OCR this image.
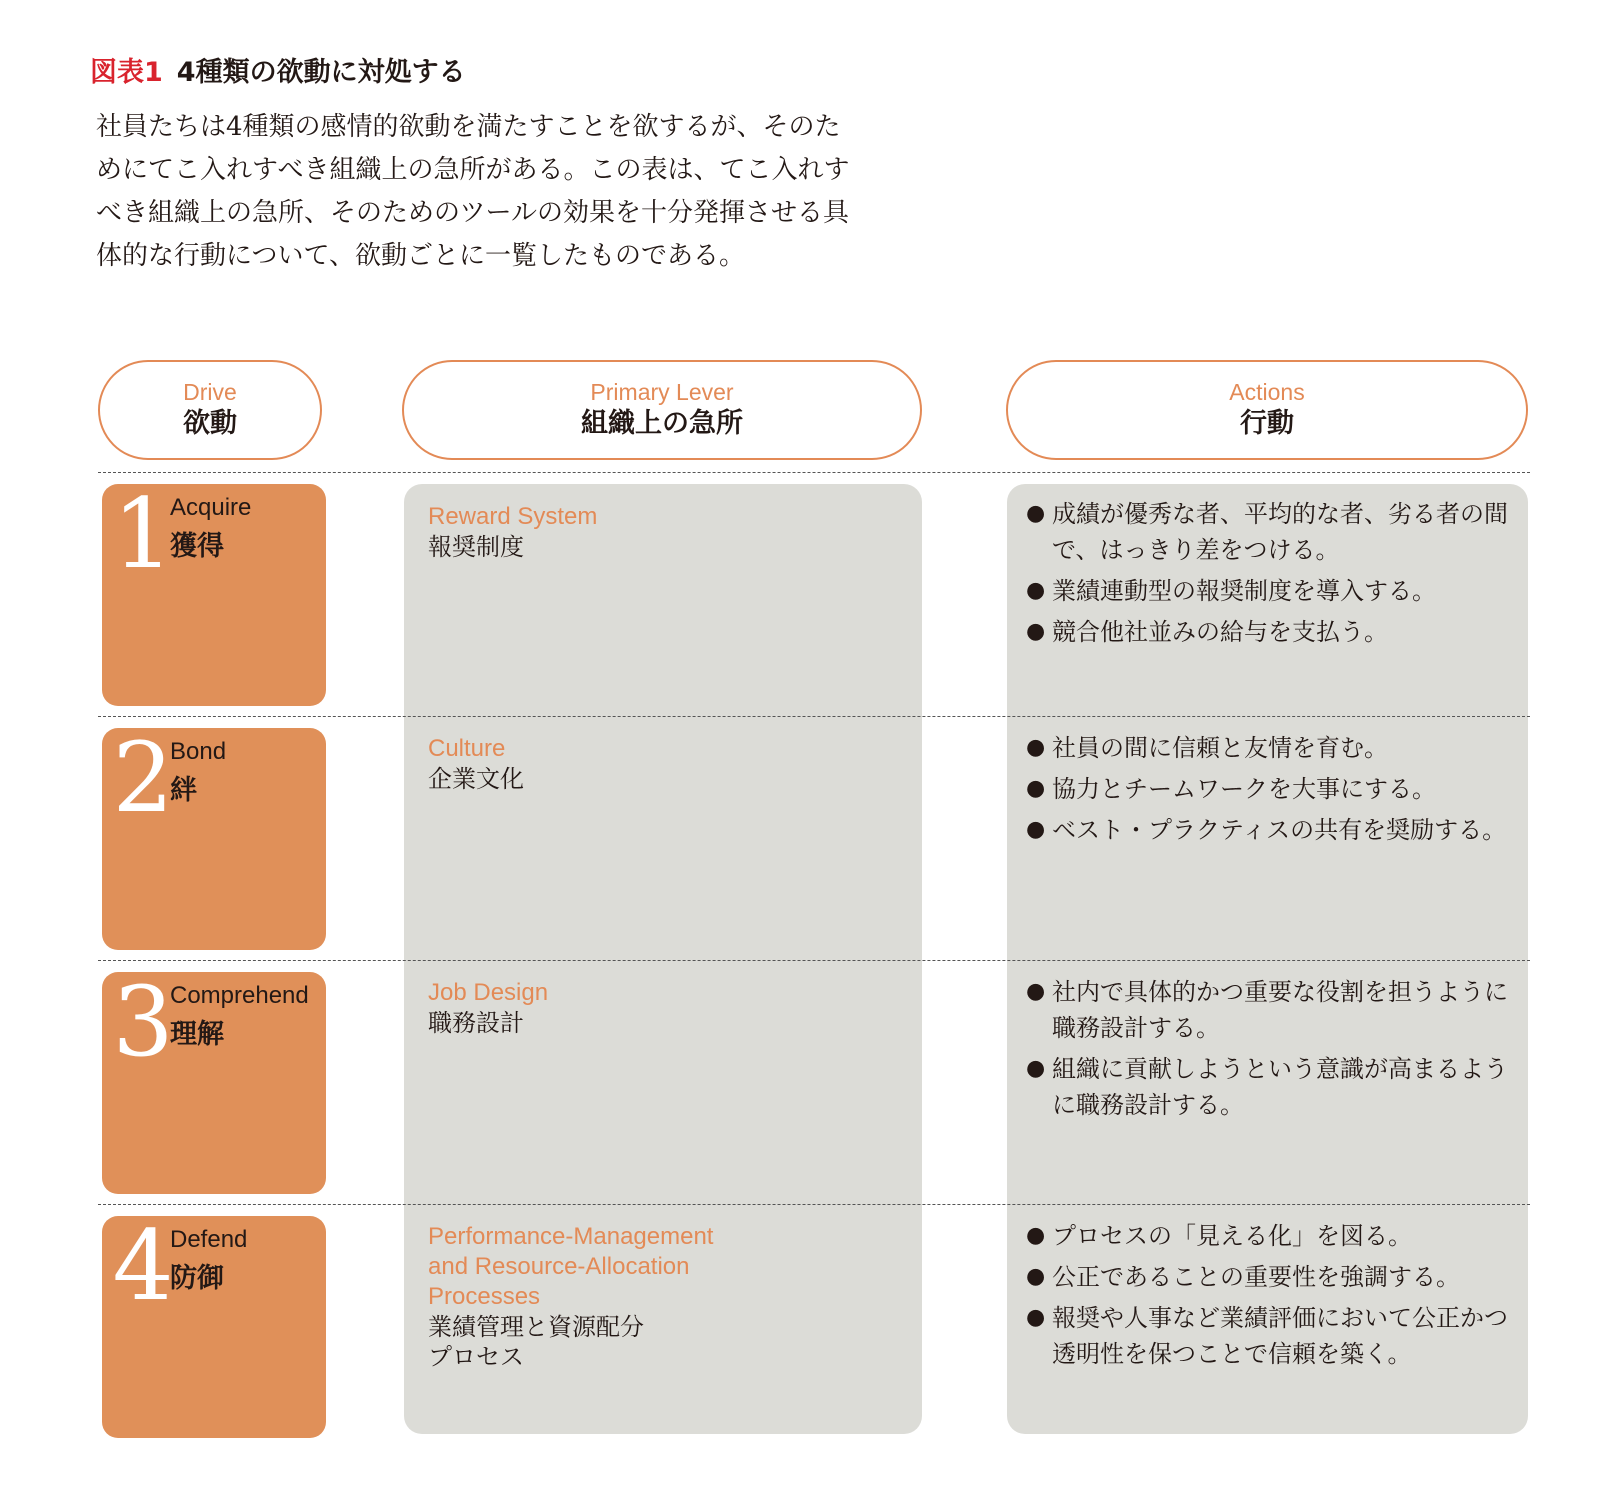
図表1 4種類の欲動に対処する

社員たちは4種類の感情的欲動を満たすことを欲するが、そのためにてこ入れすべき組織上の急所がある。この表は、てこ入れすべき組織上の急所、そのためのツールの効果を十分発揮させる具体的な行動について、欲動ごとに一覧したものである。

Drive
欲動
Primary Lever
組織上の急所
Actions
行動
1
Acquire
獲得
Reward System
報奨制度
● 成績が優秀な者、平均的な者、劣る者の間で、はっきり差をつける。
● 業績連動型の報奨制度を導入する。
● 競合他社並みの給与を支払う。
2
Bond
絆
Culture
企業文化
● 社員の間に信頼と友情を育む。
● 協力とチームワークを大事にする。
● ベスト・プラクティスの共有を奨励する。
3
Comprehend
理解
Job Design
職務設計
● 社内で具体的かつ重要な役割を担うように職務設計する。
● 組織に貢献しようという意識が高まるように職務設計する。
4
Defend
防御
Performance-Management and Resource-Allocation Processes
業績管理と資源配分プロセス
● プロセスの「見える化」を図る。
● 公正であることの重要性を強調する。
● 報奨や人事など業績評価において公正かつ透明性を保つことで信頼を築く。
